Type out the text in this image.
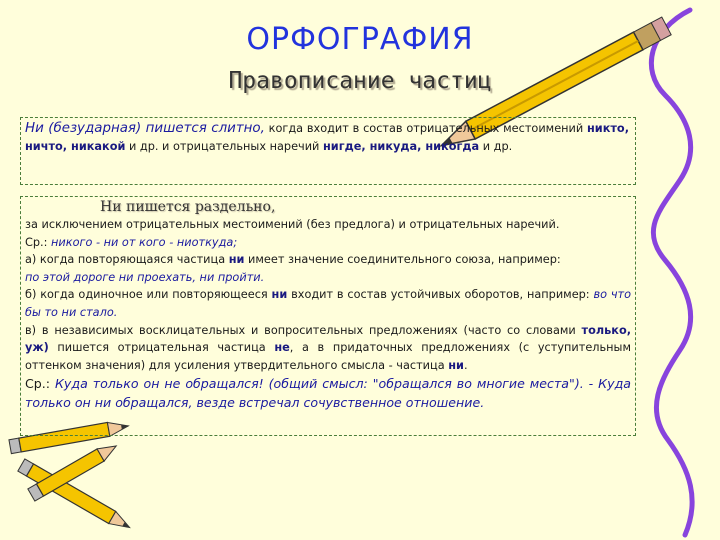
ОРФОГРАФИЯ
Правописание частиц

Ни (безударная) пишется слитно, когда входит в состав отрицательных местоимений никто, ничто, никакой и др. и отрицательных наречий нигде, никуда, никогда и др.

Ни пишется раздельно,

за исключением отрицательных местоимений (без предлога) и отрицательных наречий.

Ср.: никого - ни от кого - ниоткуда;

а) когда повторяющаяся частица ни имеет значение соединительного союза, например:

по этой дороге ни проехать, ни пройти.

б) когда одиночное или повторяющееся ни входит в состав устойчивых оборотов, например: во что бы то ни стало.

в) в независимых восклицательных и вопросительных предложениях (часто со словами только, уж) пишется отрицательная частица не, а в придаточных предложениях (с уступительным оттенком значения) для усиления утвердительного смысла - частица ни.

Ср.: Куда только он не обращался! (общий смысл: "обращался во многие места"). - Куда только он ни обращался, везде встречал сочувственное отношение.
